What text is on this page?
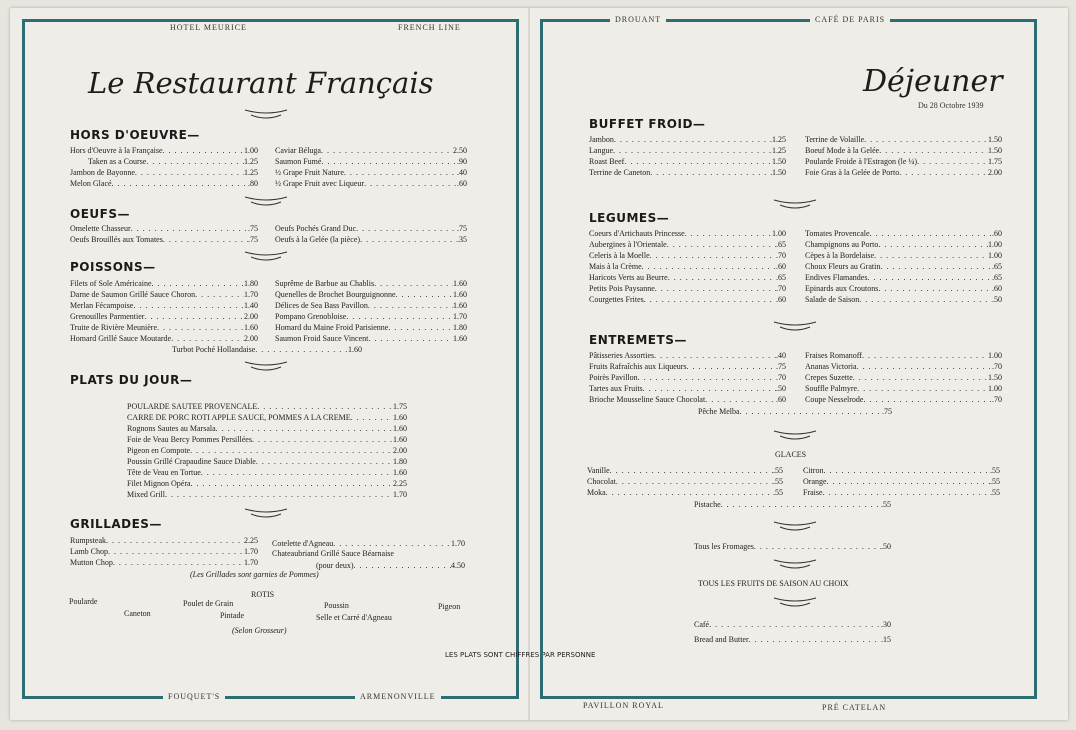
HOTEL MEURICE	FRENCH LINE
FOUQUET'S	ARMENONVILLE
Le Restaurant Français
HORS D'OEUVRE—
Hors d'Oeuvre à la Française . . .	1.00
Taken as a Course . . .	1.25
Jambon de Bayonne . . .	1.25
Melon Glacé . . .	.80
Caviar Béluga . . .	2.50
Saumon Fumé . . .	.90
½ Grape Fruit Nature . . .	.40
½ Grape Fruit avec Liqueur . . .	.60
OEUFS—
Omelette Chasseur . . .	.75
Oeufs Brouillés aux Tomates . . .	.75
Oeufs Pochés Grand Duc . . .	.75
Oeufs à la Gelée (la pièce) . . .	.35
POISSONS—
Filets of Sole Américaine . . .	1.80
Darne de Saumon Grillé Sauce Choron . . .	1.70
Merlan Fécampoise . . .	1.40
Grenouilles Parmentier . . .	2.00
Truite de Rivière Meunière . . .	1.60
Homard Grillé Sauce Moutarde . . .	2.00
Suprême de Barbue au Chablis . . .	1.60
Quenelles de Brochet Bourguignonne . . .	1.60
Délices de Sea Bass Pavillon . . .	1.60
Pompano Grenobloise . . .	1.70
Homard du Maine Froid Parisienne . . .	1.80
Saumon Froid Sauce Vincent . . .	1.60
Turbot Poché Hollandaise . . .	1.60
PLATS DU JOUR—
POULARDE SAUTEE PROVENCALE . . .	1.75
CARRE DE PORC ROTI APPLE SAUCE, POMMES A LA CREME . . .	1.60
Rognons Sautes au Marsala . . .	1.60
Foie de Veau Bercy Pommes Persillées . . .	1.60
Pigeon en Compote . . .	2.00
Poussin Grillé Crapaudine Sauce Diable . . .	1.80
Tête de Veau en Tortue . . .	1.60
Filet Mignon Opéra . . .	2.25
Mixed Grill . . .	1.70
GRILLADES—
Rumpsteak . . .	2.25
Lamb Chop . . .	1.70
Mutton Chop . . .	1.70
Cotelette d'Agneau . . .	1.70
Chateaubriand Grillé Sauce Béarnaise
(pour deux) . . .	4.50
(Les Grillades sont garnies de Pommes)
ROTIS
Poularde
Caneton
Poulet de Grain
Pintade
Poussin
Selle et Carré d'Agneau
Pigeon
(Selon Grosseur)
LES PLATS SONT CHIFFRES PAR PERSONNE
DROUANT	CAFÉ DE PARIS
PAVILLON ROYAL	PRÉ CATELAN
Déjeuner
Du 28 Octobre 1939
BUFFET FROID—
Jambon . . .	1.25
Langue . . .	1.25
Roast Beef . . .	1.50
Terrine de Caneton . . .	1.50
Terrine de Volaille . . .	1.50
Boeuf Mode à la Gelée . . .	1.50
Poularde Froide à l'Estragon (le ¼) . . .	1.75
Foie Gras à la Gelée de Porto . . .	2.00
LEGUMES—
Coeurs d'Artichauts Princesse . . .	1.00
Aubergines à l'Orientale . . .	.65
Celeris à la Moelle . . .	.70
Mais à la Crème . . .	.60
Haricots Verts au Beurre . . .	.65
Petits Pois Paysanne . . .	.70
Courgettes Frites . . .	.60
Tomates Provencale . . .	.60
Champignons au Porto . . .	1.00
Cèpes à la Bordelaise . . .	1.00
Choux Fleurs au Gratin . . .	.65
Endives Flamandes . . .	.65
Epinards aux Croutons . . .	.60
Salade de Saison . . .	.50
ENTREMETS—
Pâtisseries Assorties . . .	.40
Fruits Rafraîchis aux Liqueurs . . .	.75
Poirès Pavillon . . .	.70
Tartes aux Fruits . . .	.50
Brioche Mousseline Sauce Chocolat . . .	.60
Fraises Romanoff . . .	1.00
Ananas Victoria . . .	.70
Crepes Suzette . . .	1.50
Souffle Palmyre . . .	1.00
Coupe Nesselrode . . .	.70
Pêche Melba . . .	.75
GLACES
Vanille . . .	.55
Chocolat . . .	.55
Moka . . .	.55
Citron . . .	.55
Orange . . .	.55
Fraise . . .	.55
Pistache . . .	.55
Tous les Fromages . . .	.50
TOUS LES FRUITS DE SAISON AU CHOIX
Café . . .	.30
Bread and Butter . . .	.15
